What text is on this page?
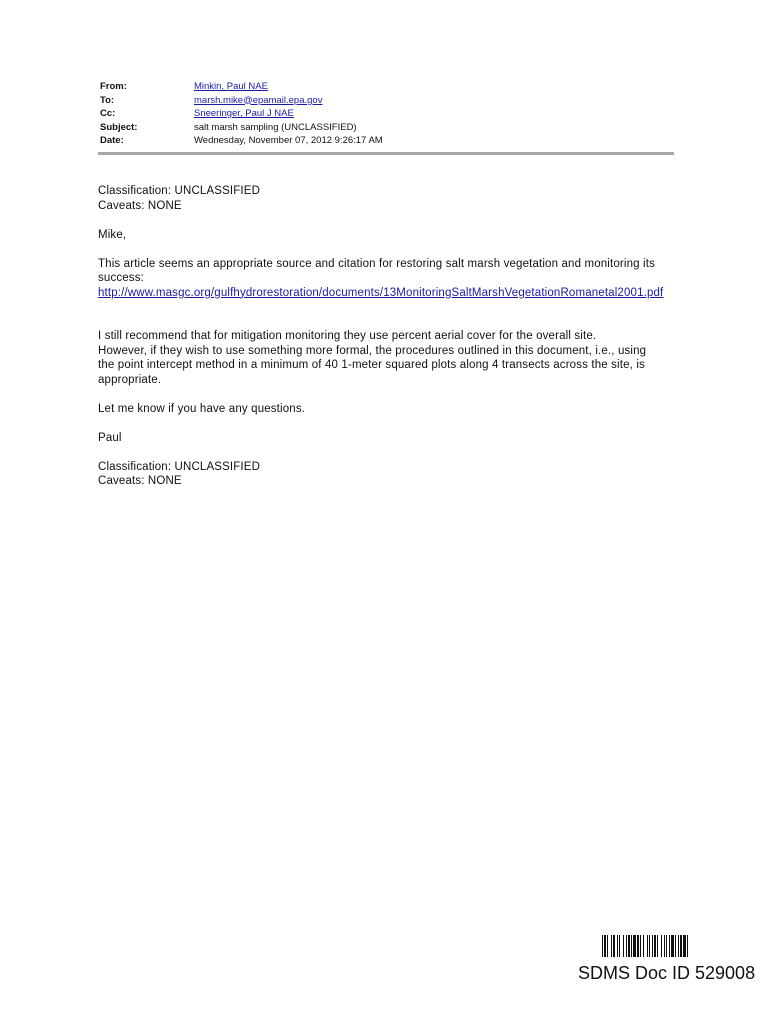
From:	Minkin, Paul NAE
To:	marsh.mike@epamail.epa.gov
Cc:	Sneeringer, Paul J NAE
Subject:	salt marsh sampling (UNCLASSIFIED)
Date:	Wednesday, November 07, 2012 9:26:17 AM
Classification: UNCLASSIFIED
Caveats: NONE
Mike,
This article seems an appropriate source and citation for restoring salt marsh vegetation and monitoring its
success:
http://www.masgc.org/gulfhydrorestoration/documents/13MonitoringSaltMarshVegetationRomanetal2001.pdf
I still recommend that for mitigation monitoring they use percent aerial cover for the overall site.
However, if they wish to use something more formal, the procedures outlined in this document, i.e., using
the point intercept method in a minimum of 40 1-meter squared plots along 4 transects across the site, is
appropriate.
Let me know if you have any questions.
Paul
Classification: UNCLASSIFIED
Caveats: NONE
SDMS Doc ID 529008
